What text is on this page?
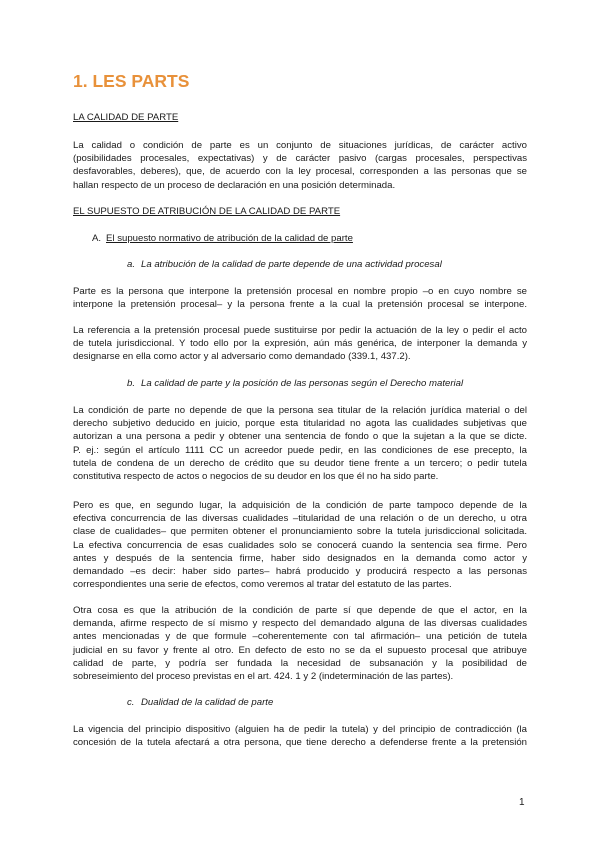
1. LES PARTS
LA CALIDAD DE PARTE
La calidad o condición de parte es un conjunto de situaciones jurídicas, de carácter activo
(posibilidades procesales, expectativas) y de carácter pasivo (cargas procesales, perspectivas
desfavorables, deberes), que, de acuerdo con la ley procesal, corresponden a las personas que se
hallan respecto de un proceso de declaración en una posición determinada.
EL SUPUESTO DE ATRIBUCIÓN DE LA CALIDAD DE PARTE
A. El supuesto normativo de atribución de la calidad de parte
a. La atribución de la calidad de parte depende de una actividad procesal
Parte es la persona que interpone la pretensión procesal en nombre propio –o en cuyo nombre se
interpone la pretensión procesal– y la persona frente a la cual la pretensión procesal se interpone.
La referencia a la pretensión procesal puede sustituirse por pedir la actuación de la ley o pedir el acto
de tutela jurisdiccional. Y todo ello por la expresión, aún más genérica, de interponer la demanda y
designarse en ella como actor y al adversario como demandado (339.1, 437.2).
b. La calidad de parte y la posición de las personas según el Derecho material
La condición de parte no depende de que la persona sea titular de la relación jurídica material o del
derecho subjetivo deducido en juicio, porque esta titularidad no agota las cualidades subjetivas que
autorizan a una persona a pedir y obtener una sentencia de fondo o que la sujetan a la que se dicte.
P. ej.: según el artículo 1111 CC un acreedor puede pedir, en las condiciones de ese precepto, la
tutela de condena de un derecho de crédito que su deudor tiene frente a un tercero; o pedir tutela
constitutiva respecto de actos o negocios de su deudor en los que él no ha sido parte.
Pero es que, en segundo lugar, la adquisición de la condición de parte tampoco depende de la
efectiva concurrencia de las diversas cualidades –titularidad de una relación o de un derecho, u otra
clase de cualidades– que permiten obtener el pronunciamiento sobre la tutela jurisdiccional solicitada.
La efectiva concurrencia de esas cualidades solo se conocerá cuando la sentencia sea firme. Pero
antes y después de la sentencia firme, haber sido designados en la demanda como actor y
demandado –es decir: haber sido partes– habrá producido y producirá respecto a las personas
correspondientes una serie de efectos, como veremos al tratar del estatuto de las partes.
Otra cosa es que la atribución de la condición de parte sí que depende de que el actor, en la
demanda, afirme respecto de sí mismo y respecto del demandado alguna de las diversas cualidades
antes mencionadas y de que formule –coherentemente con tal afirmación– una petición de tutela
judicial en su favor y frente al otro. En defecto de esto no se da el supuesto procesal que atribuye
calidad de parte, y podría ser fundada la necesidad de subsanación y la posibilidad de
sobreseimiento del proceso previstas en el art. 424. 1 y 2 (indeterminación de las partes).
c. Dualidad de la calidad de parte
La vigencia del principio dispositivo (alguien ha de pedir la tutela) y del principio de contradicción (la
concesión de la tutela afectará a otra persona, que tiene derecho a defenderse frente a la pretensión
1
